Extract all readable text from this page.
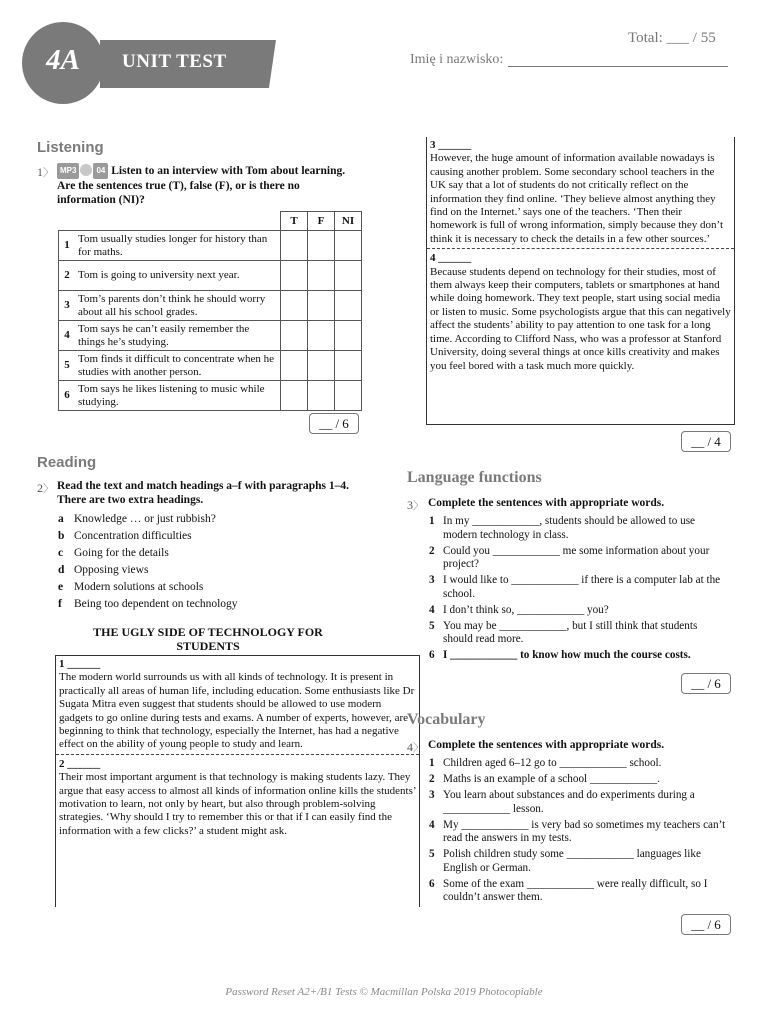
4A	UNIT TEST
Total: ___ / 55
Imię i nazwisko:
Listening
1〉 MP3	04 Listen to an interview with Tom about learning. Are the sentences true (T), false (F), or is there no information (NI)?
		T	F	NI
1	Tom usually studies longer for history than for maths.			
2	Tom is going to university next year.			
3	Tom’s parents don’t think he should worry about all his school grades.			
4	Tom says he can’t easily remember the things he’s studying.			
5	Tom finds it difficult to concentrate when he studies with another person.			
6	Tom says he likes listening to music while studying.			
__ / 6
Reading
2〉 Read the text and match headings a–f with paragraphs 1–4. There are two extra headings.
a Knowledge … or just rubbish?
b Concentration difficulties
c Going for the details
d Opposing views
e Modern solutions at schools
f	Being too dependent on technology
THE UGLY SIDE OF TECHNOLOGY FOR STUDENTS
1 ______
The modern world surrounds us with all kinds of technology. It is present in practically all areas of human life, including education. Some enthusiasts like Dr Sugata Mitra even suggest that students should be allowed to use modern gadgets to go online during tests and exams. A number of experts, however, are beginning to think that technology, especially the Internet, has had a negative effect on the ability of young people to study and learn.
2 ______
Their most important argument is that technology is making students lazy. They argue that easy access to almost all kinds of information online kills the students’ motivation to learn, not only by heart, but also through problem-solving strategies. ‘Why should I try to remember this or that if I can easily find the information with a few clicks?’ a student might ask.
3 ______
However, the huge amount of information available nowadays is causing another problem. Some secondary school teachers in the UK say that a lot of students do not critically reflect on the information they find online. ‘They believe almost anything they find on the Internet.’ says one of the teachers. ‘Then their homework is full of wrong information, simply because they don’t think it is necessary to check the details in a few other sources.’
4 ______
Because students depend on technology for their studies, most of them always keep their computers, tablets or smartphones at hand while doing homework. They text people, start using social media or listen to music. Some psychologists argue that this can negatively affect the students’ ability to pay attention to one task for a long time. According to Clifford Nass, who was a professor at Stanford University, doing several things at once kills creativity and makes you feel bored with a task much more quickly.
__ / 4
Language functions
3〉 Complete the sentences with appropriate words.
1 In my ____________, students should be allowed to use modern technology in class.
2 Could you ____________ me some information about your project?
3 I would like to ____________ if there is a computer lab at the school.
4 I don’t think so, ____________ you?
5 You may be ____________, but I still think that students should read more.
6 I ____________ to know how much the course costs.
__ / 6
Vocabulary
4〉 Complete the sentences with appropriate words.
1 Children aged 6–12 go to ____________ school.
2 Maths is an example of a school ____________.
3 You learn about substances and do experiments during a ____________ lesson.
4 My ____________ is very bad so sometimes my teachers can’t read the answers in my tests.
5 Polish children study some ____________ languages like English or German.
6 Some of the exam ____________ were really difficult, so I couldn’t answer them.
__ / 6
Password Reset A2+/B1 Tests © Macmillan Polska 2019 Photocopiable
